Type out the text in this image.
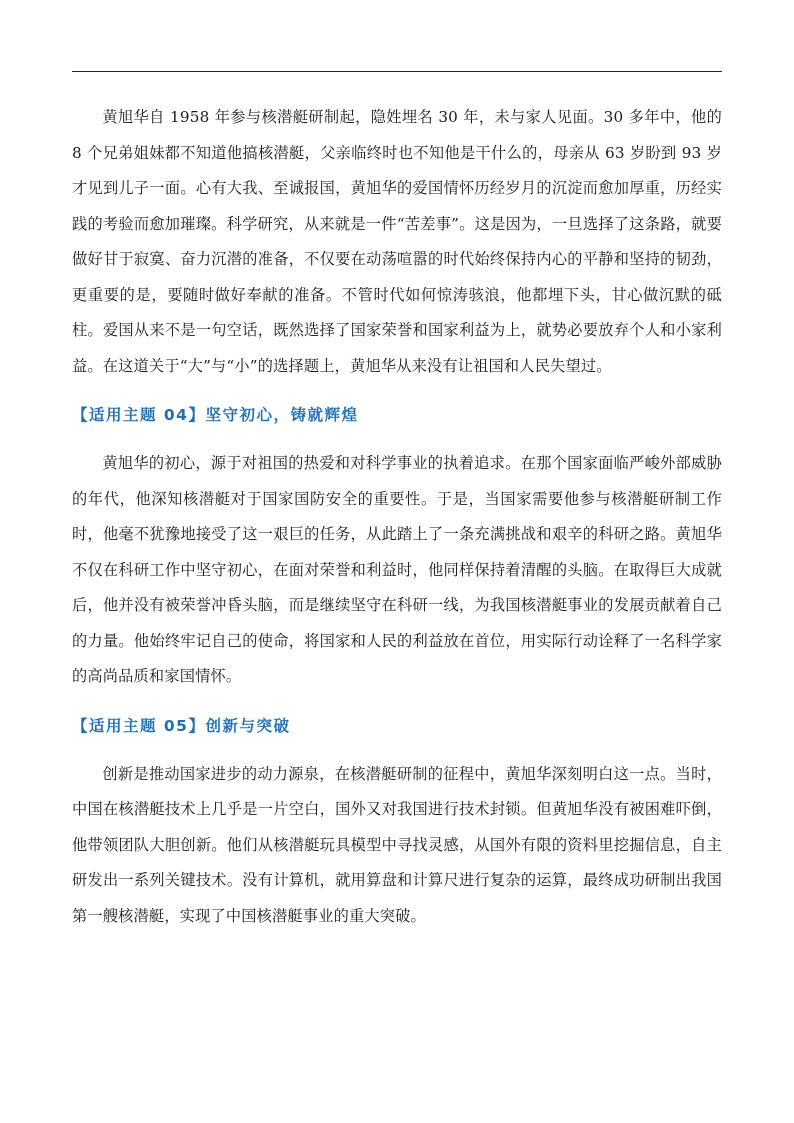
黄旭华自 1958 年参与核潜艇研制起，隐姓埋名 30 年，未与家人见面。30 多年中，他的 8 个兄弟姐妹都不知道他搞核潜艇，父亲临终时也不知他是干什么的，母亲从 63 岁盼到 93 岁才见到儿子一面。心有大我、至诚报国，黄旭华的爱国情怀历经岁月的沉淀而愈加厚重，历经实践的考验而愈加璀璨。科学研究，从来就是一件“苦差事”。这是因为，一旦选择了这条路，就要做好甘于寂寞、奋力沉潜的准备，不仅要在动荡喧嚣的时代始终保持内心的平静和坚持的韧劲，更重要的是，要随时做好奉献的准备。不管时代如何惊涛骇浪，他都埋下头，甘心做沉默的砥柱。爱国从来不是一句空话，既然选择了国家荣誉和国家利益为上，就势必要放弃个人和小家利益。在这道关于“大”与“小”的选择题上，黄旭华从来没有让祖国和人民失望过。

【适用主题 04】坚守初心，铸就辉煌

黄旭华的初心，源于对祖国的热爱和对科学事业的执着追求。在那个国家面临严峻外部威胁的年代，他深知核潜艇对于国家国防安全的重要性。于是，当国家需要他参与核潜艇研制工作时，他毫不犹豫地接受了这一艰巨的任务，从此踏上了一条充满挑战和艰辛的科研之路。黄旭华不仅在科研工作中坚守初心，在面对荣誉和利益时，他同样保持着清醒的头脑。在取得巨大成就后，他并没有被荣誉冲昏头脑，而是继续坚守在科研一线，为我国核潜艇事业的发展贡献着自己的力量。他始终牢记自己的使命，将国家和人民的利益放在首位，用实际行动诠释了一名科学家的高尚品质和家国情怀。

【适用主题 05】创新与突破

创新是推动国家进步的动力源泉，在核潜艇研制的征程中，黄旭华深刻明白这一点。当时，中国在核潜艇技术上几乎是一片空白，国外又对我国进行技术封锁。但黄旭华没有被困难吓倒，他带领团队大胆创新。他们从核潜艇玩具模型中寻找灵感，从国外有限的资料里挖掘信息，自主研发出一系列关键技术。没有计算机，就用算盘和计算尺进行复杂的运算，最终成功研制出我国第一艘核潜艇，实现了中国核潜艇事业的重大突破。
